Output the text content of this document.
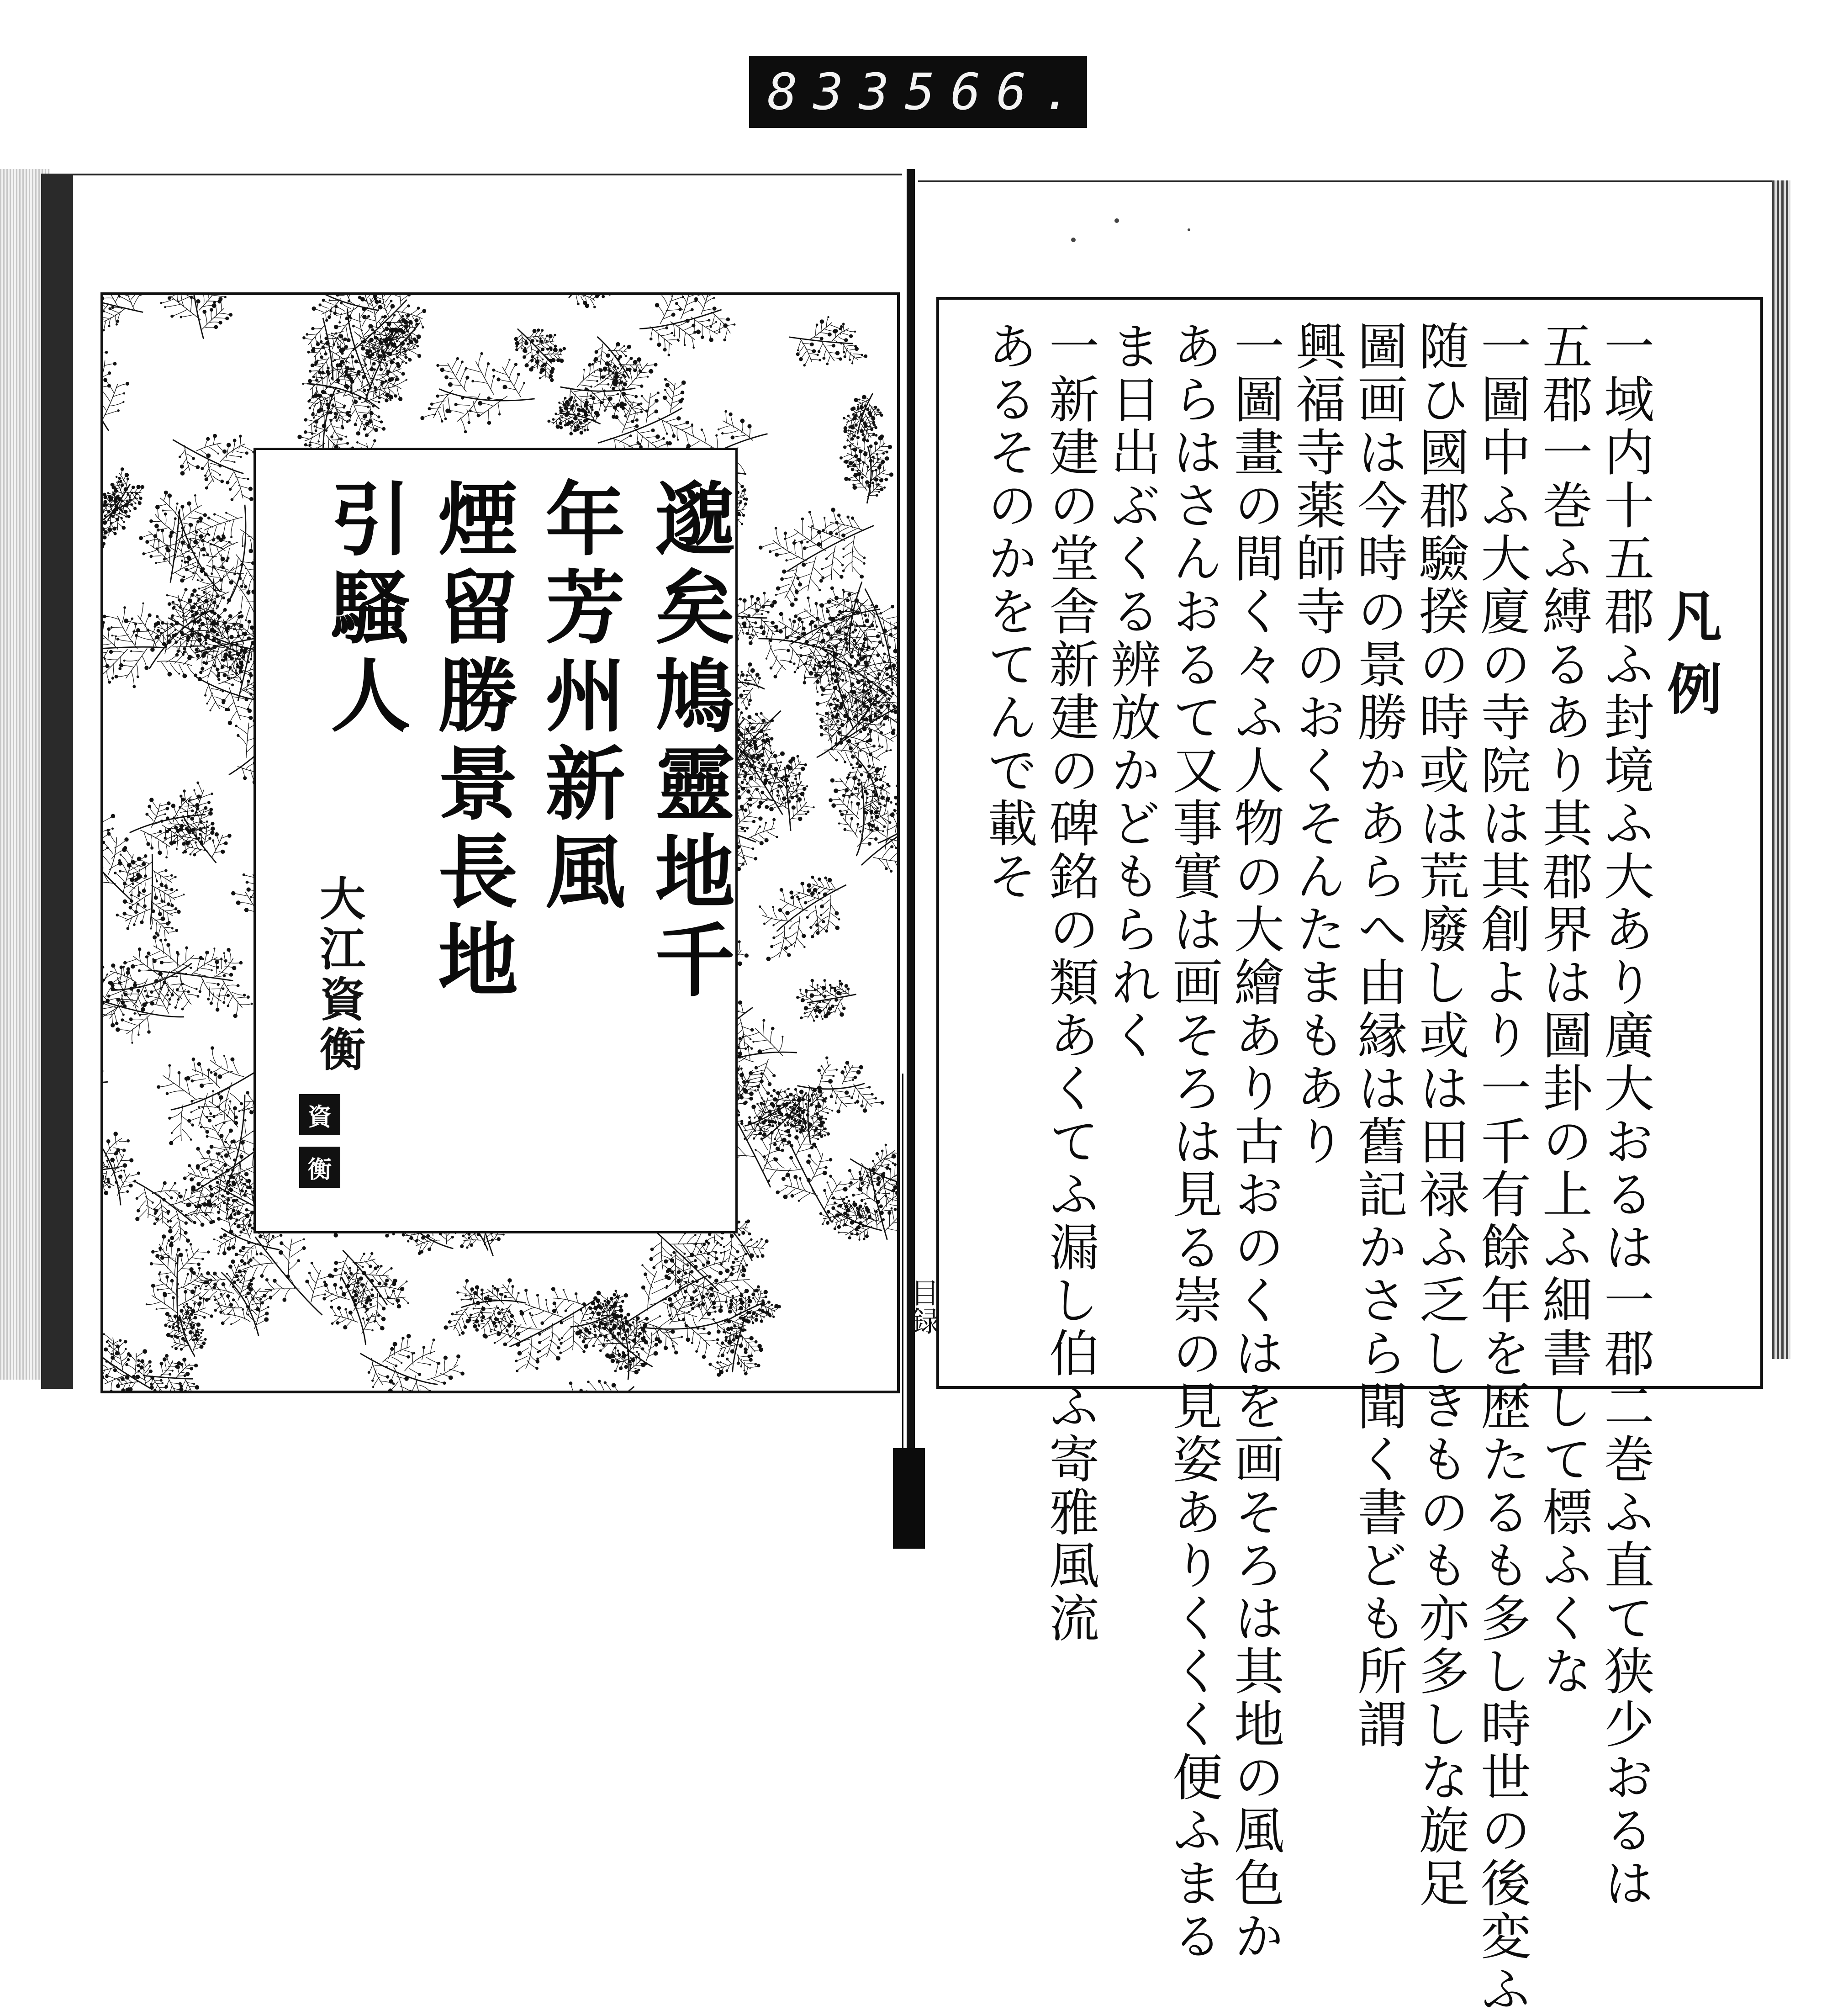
833 566.
邈矣鳩靈地千
年芳州新風
煙留勝景長地
引騷人
大江資衡
資
衡
凡例
一域内十五郡ふ封境ふ大あり廣大おるは一郡二巻ふ直て狭少おるは
五郡一巻ふ縛るあり其郡界は圖卦の上ふ細書して標ふくな
一圖中ふ大廈の寺院は其創より一千有餘年を歴たるも多し時世の後変ふ
随ひ國郡驗揆の時或は荒廢し或は田禄ふ乏しきものも亦多しな旋足
圖画は今時の景勝かあらへ由縁は舊記かさら聞く書ども所謂
興福寺薬師寺のおくそんたまもあり
一圖畫の間く々ふ人物の大繪あり古おのくはを画そろは其地の風色か
あらはさんおるて又事實は画そろは見る崇の見姿ありくくく便ふまる
ま日出ぶくる辨放かどもられく
一新建の堂舎新建の碑銘の類あくてふ漏し伯ふ寄雅風流
あるそのかをてんで載そ
目録
